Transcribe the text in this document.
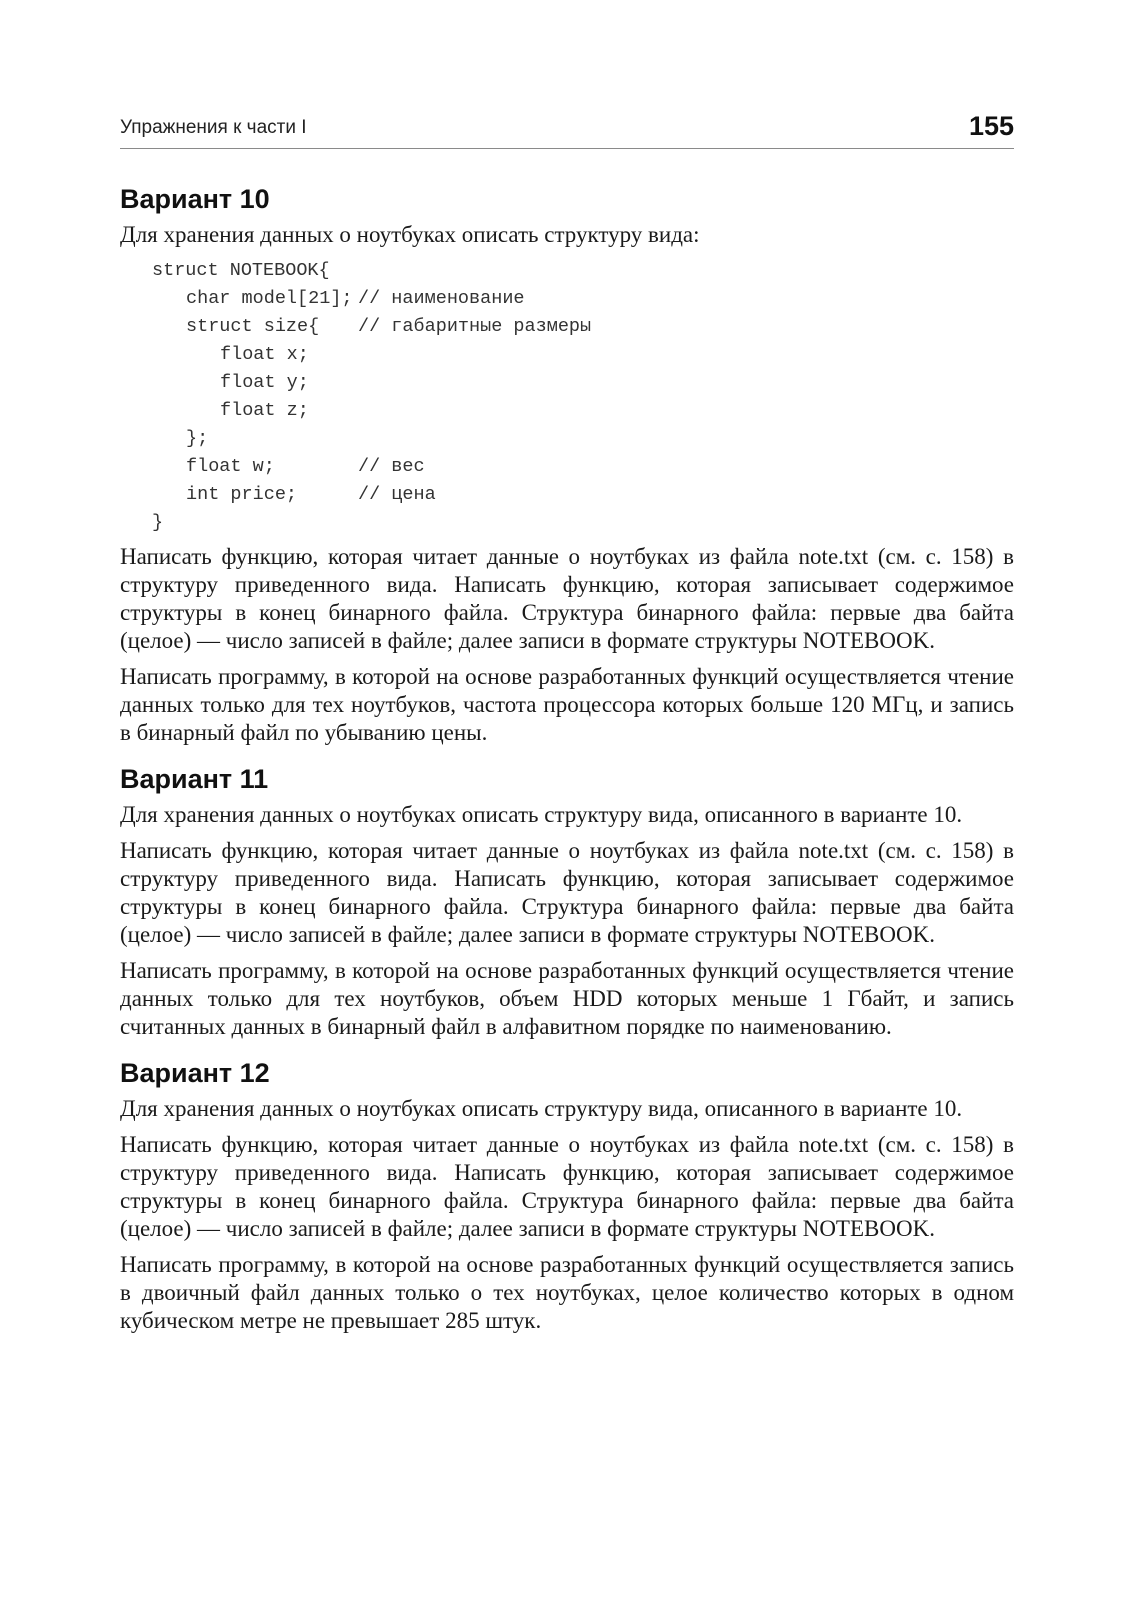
Упражнения к части I	155
Вариант 10

Для хранения данных о ноутбуках описать структуру вида:

struct NOTEBOOK{

char model[21];

// наименование

struct size{

// габаритные размеры

float x;

float y;

float z;

};

float w;

	// вес

int price;

	// цена

}

Написать функцию, которая читает данные о ноутбуках из файла note.txt (см. с. 158) в структуру приведенного вида. Написать функцию, которая записывает содержимое структуры в конец бинарного файла. Структура бинарного файла: первые два байта (целое) — число записей в файле; далее записи в формате структуры NOTEBOOK.

Написать программу, в которой на основе разработанных функций осуществляется чтение данных только для тех ноутбуков, частота процессора которых больше 120 МГц, и запись в бинарный файл по убыванию цены.

Вариант 11

Для хранения данных о ноутбуках описать структуру вида, описанного в варианте 10.

Написать функцию, которая читает данные о ноутбуках из файла note.txt (см. с. 158) в структуру приведенного вида. Написать функцию, которая записывает содержимое структуры в конец бинарного файла. Структура бинарного файла: первые два байта (целое) — число записей в файле; далее записи в формате структуры NOTEBOOK.

Написать программу, в которой на основе разработанных функций осуществляется чтение данных только для тех ноутбуков, объем HDD которых меньше 1 Гбайт, и запись считанных данных в бинарный файл в алфавитном порядке по наименованию.

Вариант 12

Для хранения данных о ноутбуках описать структуру вида, описанного в варианте 10.

Написать функцию, которая читает данные о ноутбуках из файла note.txt (см. с. 158) в структуру приведенного вида. Написать функцию, которая записывает содержимое структуры в конец бинарного файла. Структура бинарного файла: первые два байта (целое) — число записей в файле; далее записи в формате структуры NOTEBOOK.

Написать программу, в которой на основе разработанных функций осуществляется запись в двоичный файл данных только о тех ноутбуках, целое количество которых в одном кубическом метре не превышает 285 штук.
